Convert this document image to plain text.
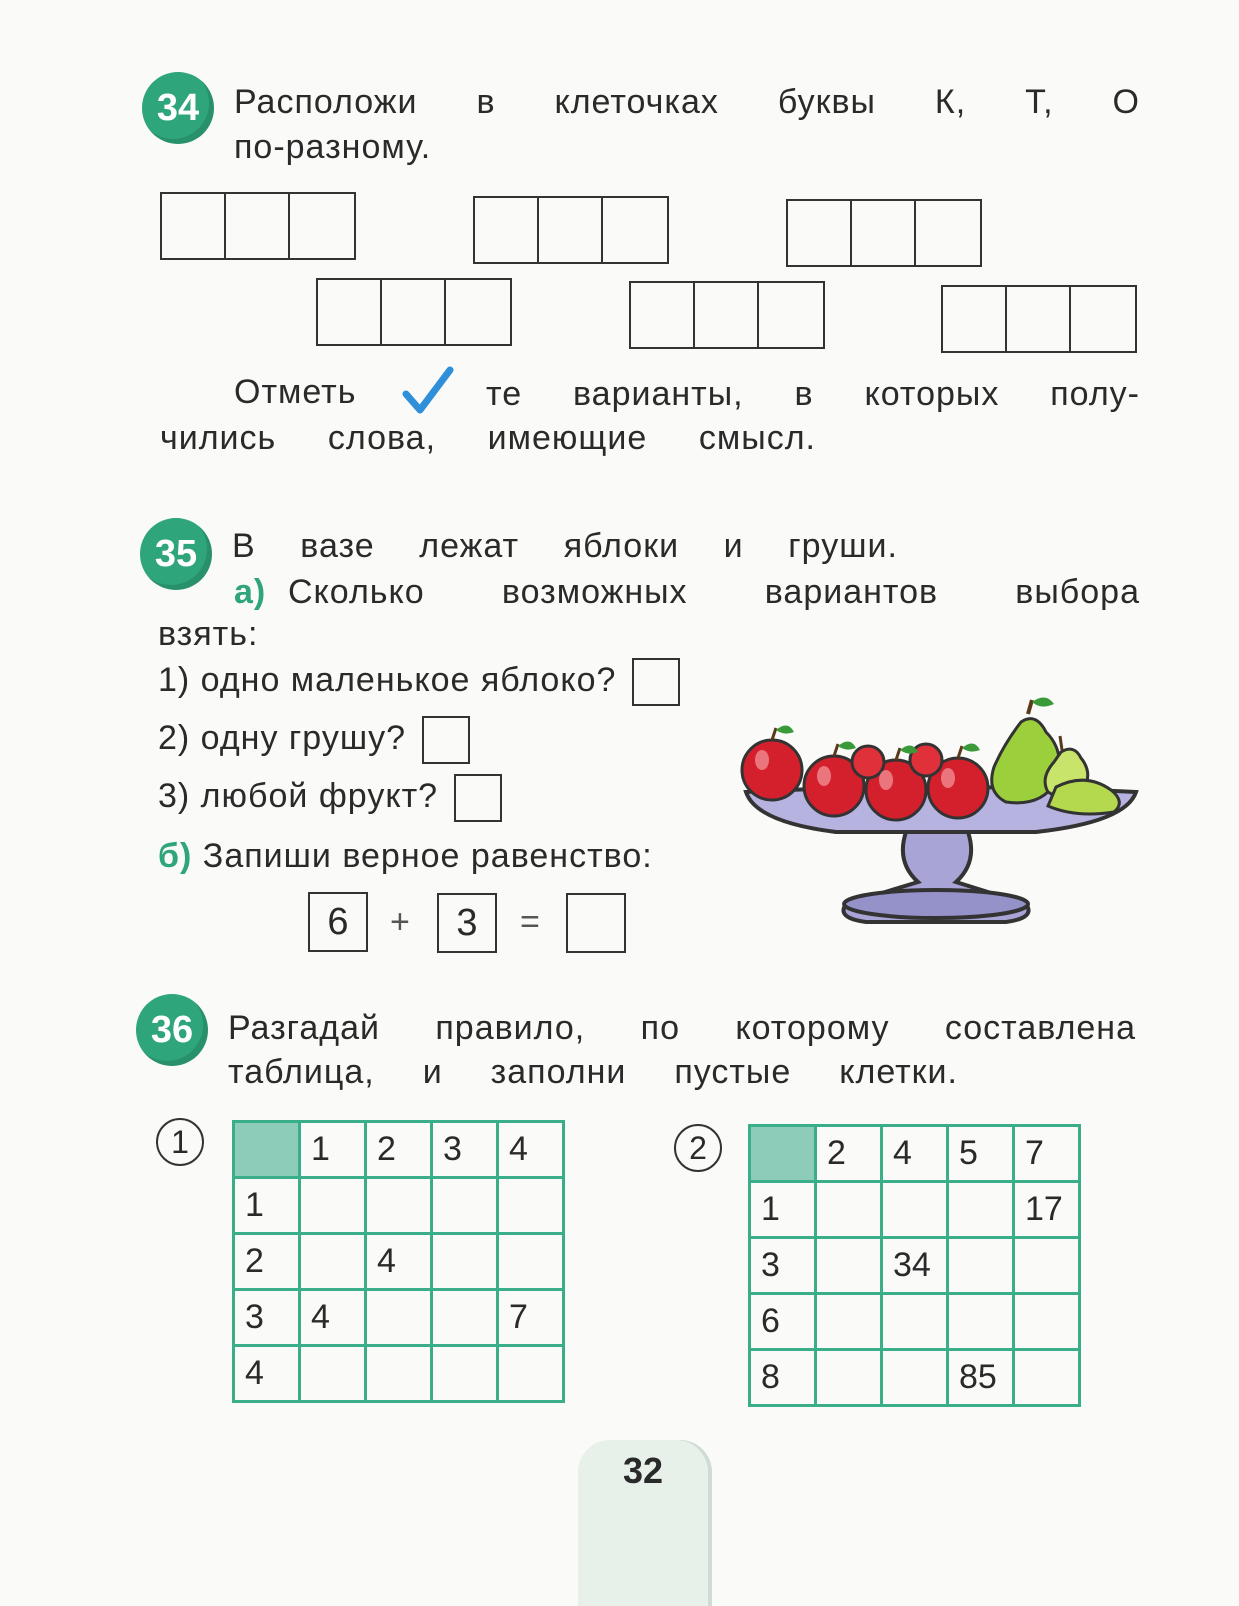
34	Расположи в клеточках буквы К, Т, О
по-разному.
Отметь	те варианты, в которых полу-
чились слова, имеющие смысл.
35	В вазе лежат яблоки и груши.
а) Сколько возможных вариантов выбора
взять:
1) одно маленькое яблоко?
2) одну грушу?
3) любой фрукт?
б) Запиши верное равенство:
6	+	3	=
36	Разгадай правило, по которому составлена
таблица, и заполни пустые клетки.
1
		1	2	3	4
1				
2		4		
3	4			7
4				
2
		2	4	5	7
1				17
3		34		
6				
8			85	
32
